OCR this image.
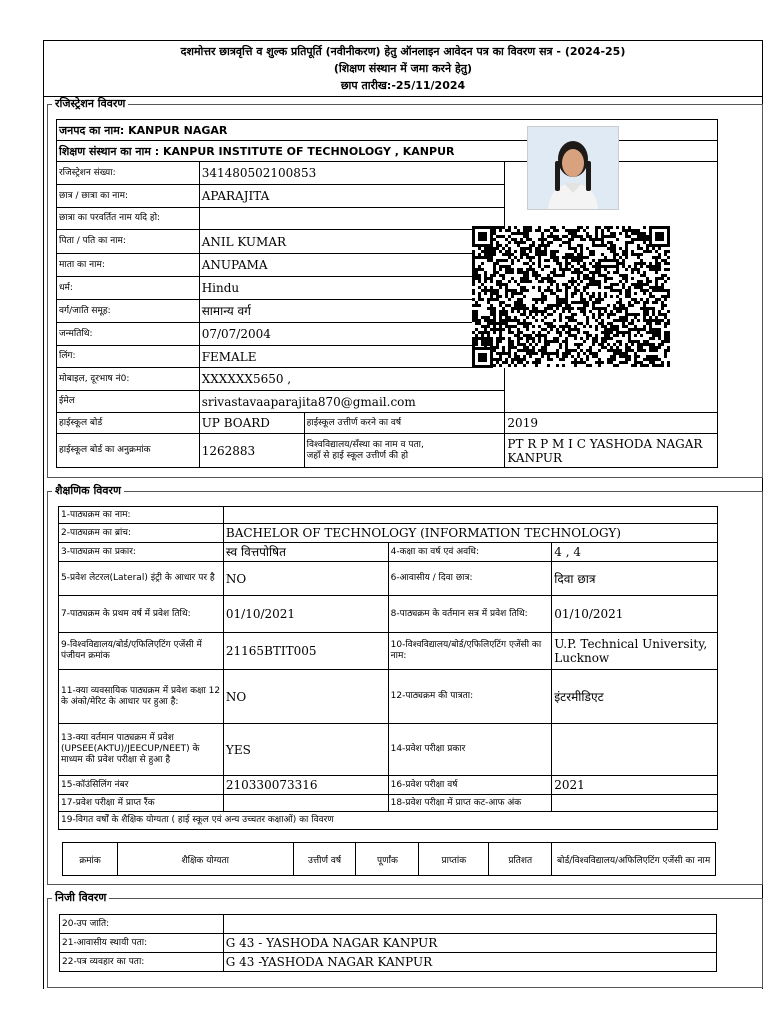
दशमोत्तर छात्रवृत्ति व शुल्क प्रतिपूर्ति (नवीनीकरण) हेतु ऑनलाइन आवेदन पत्र का विवरण सत्र - (2024-25)
(शिक्षण संस्थान में जमा करने हेतु)
छाप तारीख:-25/11/2024
रजिस्ट्रेशन विवरण
जनपद का नाम: KANPUR NAGAR			
शिक्षण संस्थान का नाम : KANPUR INSTITUTE OF TECHNOLOGY , KANPUR			
रजिस्ट्रेशन संख्या:	341480502100853		
छात्र / छात्रा का नाम:	APARAJITA		
छात्रा का परवर्तित नाम यदि हो:			
पिता / पति का नाम:	ANIL KUMAR		
माता का नाम:	ANUPAMA		
धर्म:	Hindu		
वर्ग/जाति समूह:	सामान्य वर्ग		
जन्मतिथि:	07/07/2004		
लिंग:	FEMALE		
मोबाइल, दूरभाष नं0:	XXXXXX5650 ,		
ईमेल	srivastavaaparajita870@gmail.com		
हाईस्कूल बोर्ड	UP BOARD	हाईस्कूल उत्तीर्ण करने का वर्ष	2019
हाईस्कूल बोर्ड का अनुक्रमांक	1262883	विश्वविद्यालय/सँस्था का नाम व पता,
जहाँ से हाई स्कूल उत्तीर्ण की हो	PT R P M I C YASHODA NAGAR KANPUR
शैक्षणिक विवरण
1-पाठ्यक्रम का नाम:			
2-पाठ्यक्रम का ब्रांच:	BACHELOR OF TECHNOLOGY (INFORMATION TECHNOLOGY)		
3-पाठ्यक्रम का प्रकार:	स्व वित्तपोषित	4-कक्षा का वर्ष एवं अवधि:	4 , 4
5-प्रवेश लेटरल(Lateral) इंट्री के आधार पर है	NO	6-आवासीय / दिवा छात्र:	दिवा छात्र
7-पाठ्यक्रम के प्रथम वर्ष में प्रवेश तिथि:	01/10/2021	8-पाठ्यक्रम के वर्तमान सत्र में प्रवेश तिथि:	01/10/2021
9-विश्वविद्यालय/बोर्ड/एफिलिएटिंग एजेंसी में पंजीयन क्रमांक	21165BTIT005	10-विश्वविद्यालय/बोर्ड/एफिलिएटिंग एजेंसी का नाम:	U.P. Technical University, Lucknow
11-क्या व्यवसायिक पाठ्यक्रम में प्रवेश कक्षा 12 के अंको/मेरिट के आधार पर हुआ है:	NO	12-पाठ्यक्रम की पात्रता:	इंटरमीडिएट
13-क्या वर्तमान पाठ्यक्रम में प्रवेश (UPSEE(AKTU)/JEECUP/NEET) के माध्यम की प्रवेश परीक्षा से हुआ है	YES	14-प्रवेश परीक्षा प्रकार	
15-कॉउंसिलिंग नंबर	210330073316	16-प्रवेश परीक्षा वर्ष	2021
17-प्रवेश परीक्षा में प्राप्त रैंक		18-प्रवेश परीक्षा में प्राप्त कट-आफ अंक	
19-विगत वर्षों के शैक्षिक योग्यता ( हाई स्कूल एवं अन्य उच्चतर कक्षाओं) का विवरण			
क्रमांक	शैक्षिक योग्यता	उत्तीर्ण वर्ष	पूर्णांक	प्राप्तांक	प्रतिशत	बोर्ड/विश्वविद्यालय/अफिलिएटिंग एजेंसी का नाम
निजी विवरण
20-उप जाति:	
21-आवासीय स्थायी पता:	G 43 - YASHODA NAGAR KANPUR
22-पत्र व्यवहार का पता:	G 43 -YASHODA NAGAR KANPUR
